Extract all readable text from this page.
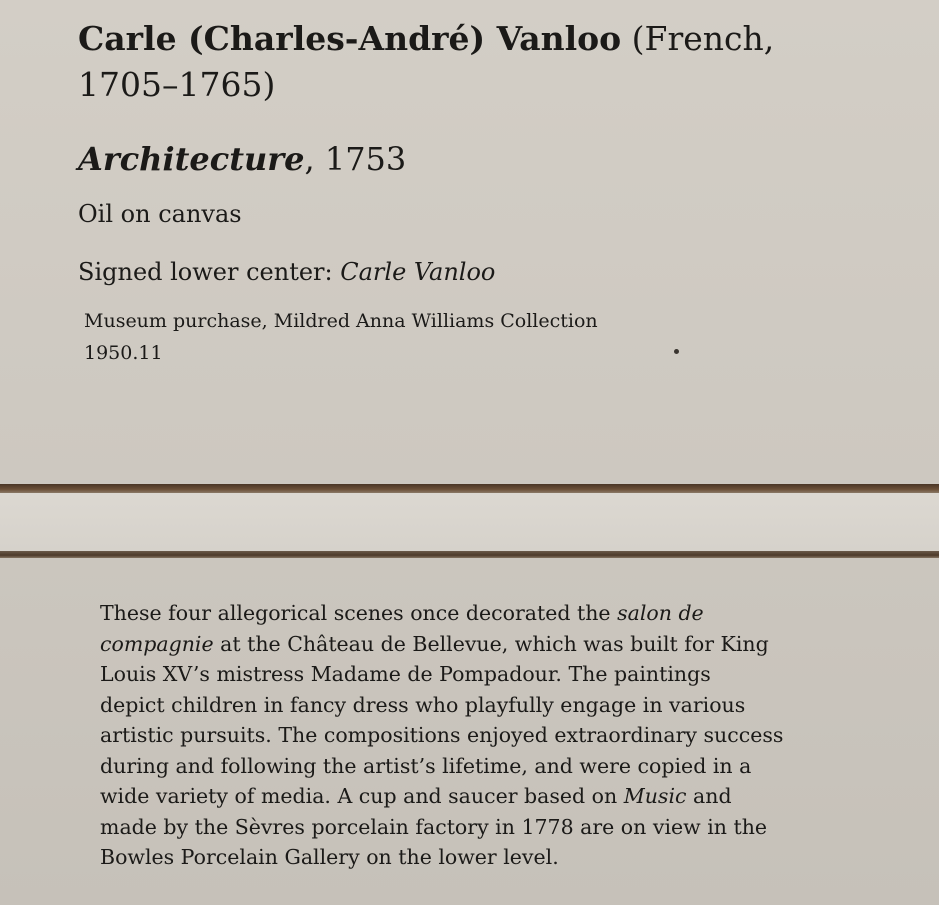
Carle (Charles-André) Vanloo (French,
1705–1765)
Architecture, 1753
Oil on canvas
Signed lower center: Carle Vanloo
Museum purchase, Mildred Anna Williams Collection
1950.11
These four allegorical scenes once decorated the salon de
compagnie at the Château de Bellevue, which was built for King
Louis XV’s mistress Madame de Pompadour. The paintings
depict children in fancy dress who playfully engage in various
artistic pursuits. The compositions enjoyed extraordinary success
during and following the artist’s lifetime, and were copied in a
wide variety of media. A cup and saucer based on Music and
made by the Sèvres porcelain factory in 1778 are on view in the
Bowles Porcelain Gallery on the lower level.
